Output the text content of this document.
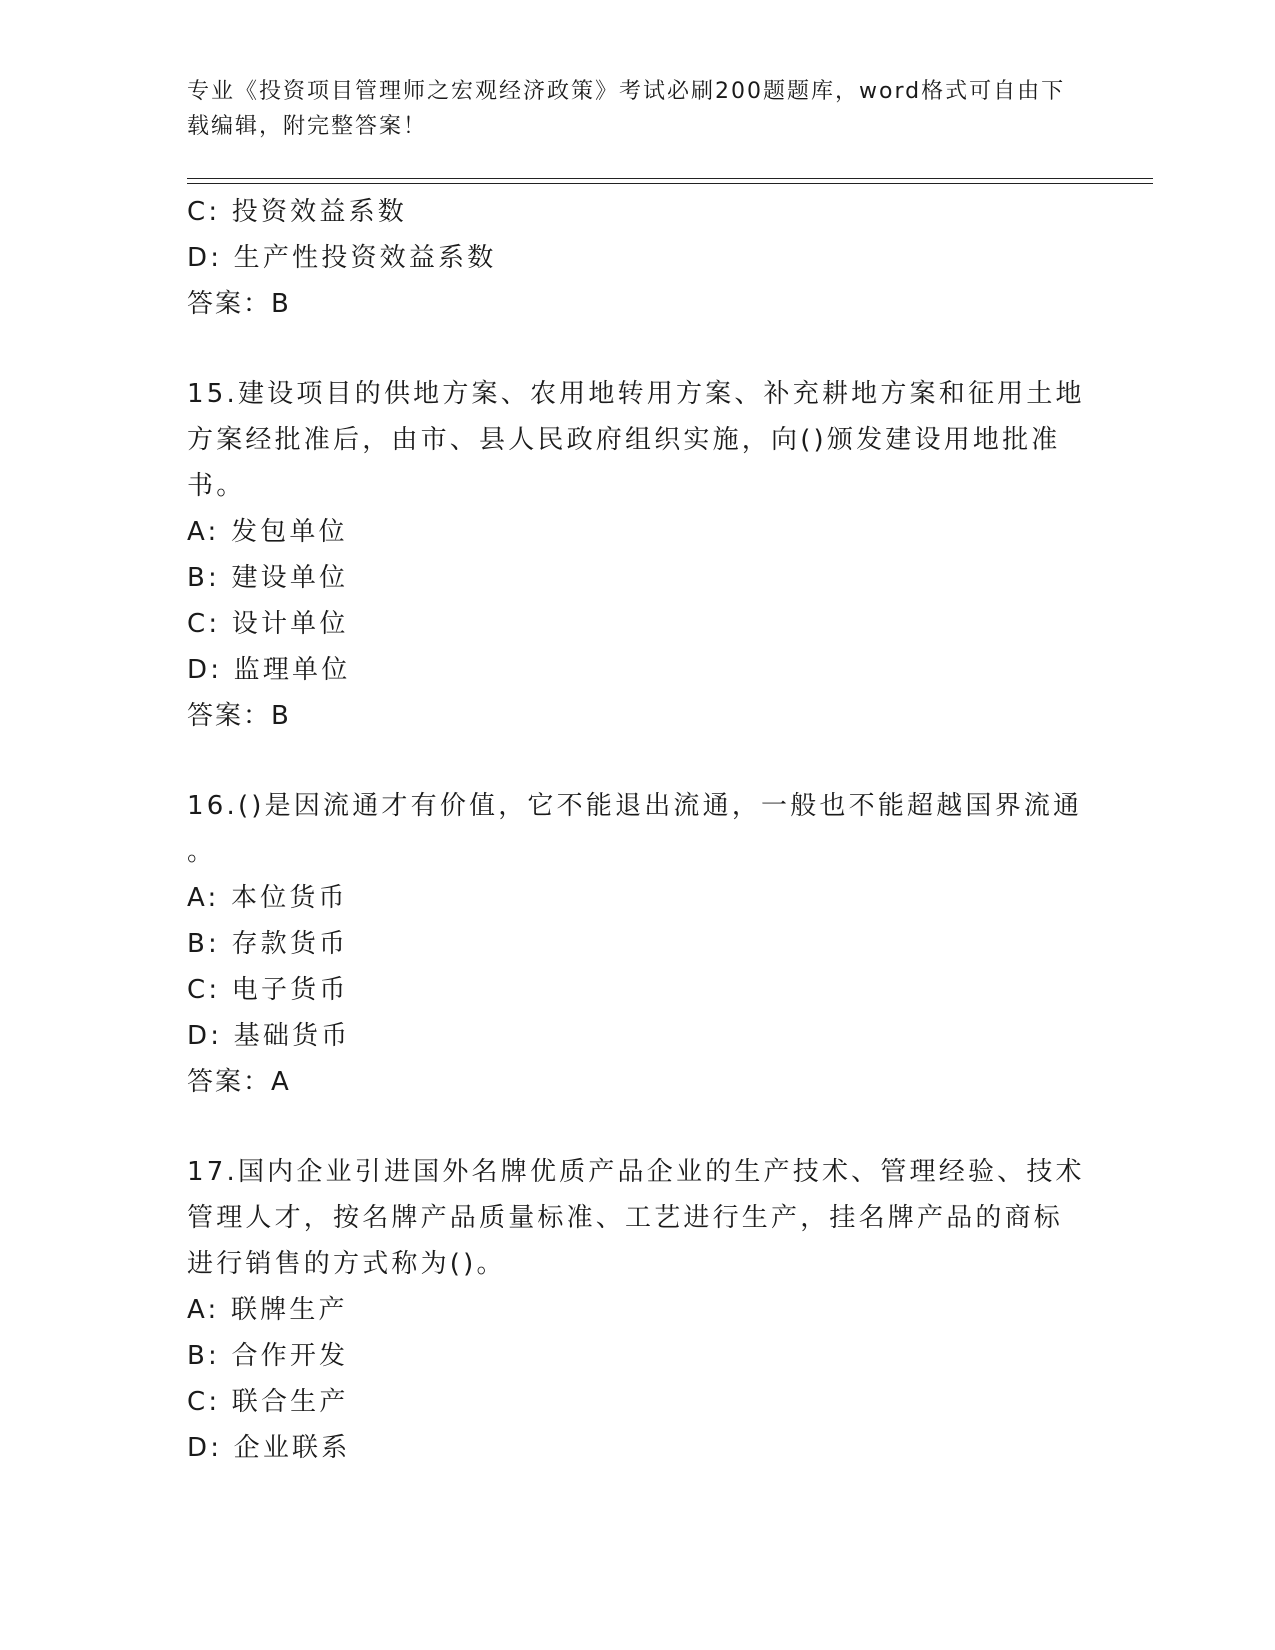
专业《投资项目管理师之宏观经济政策》考试必刷200题题库，word格式可自由下载编辑，附完整答案！
C: 投资效益系数
D: 生产性投资效益系数
答案：B
15.建设项目的供地方案、农用地转用方案、补充耕地方案和征用土地
方案经批准后，由市、县人民政府组织实施，向()颁发建设用地批准
书。
A: 发包单位
B: 建设单位
C: 设计单位
D: 监理单位
答案：B
16.()是因流通才有价值，它不能退出流通，一般也不能超越国界流通
。
A: 本位货币
B: 存款货币
C: 电子货币
D: 基础货币
答案：A
17.国内企业引进国外名牌优质产品企业的生产技术、管理经验、技术
管理人才，按名牌产品质量标准、工艺进行生产，挂名牌产品的商标
进行销售的方式称为()。
A: 联牌生产
B: 合作开发
C: 联合生产
D: 企业联系
